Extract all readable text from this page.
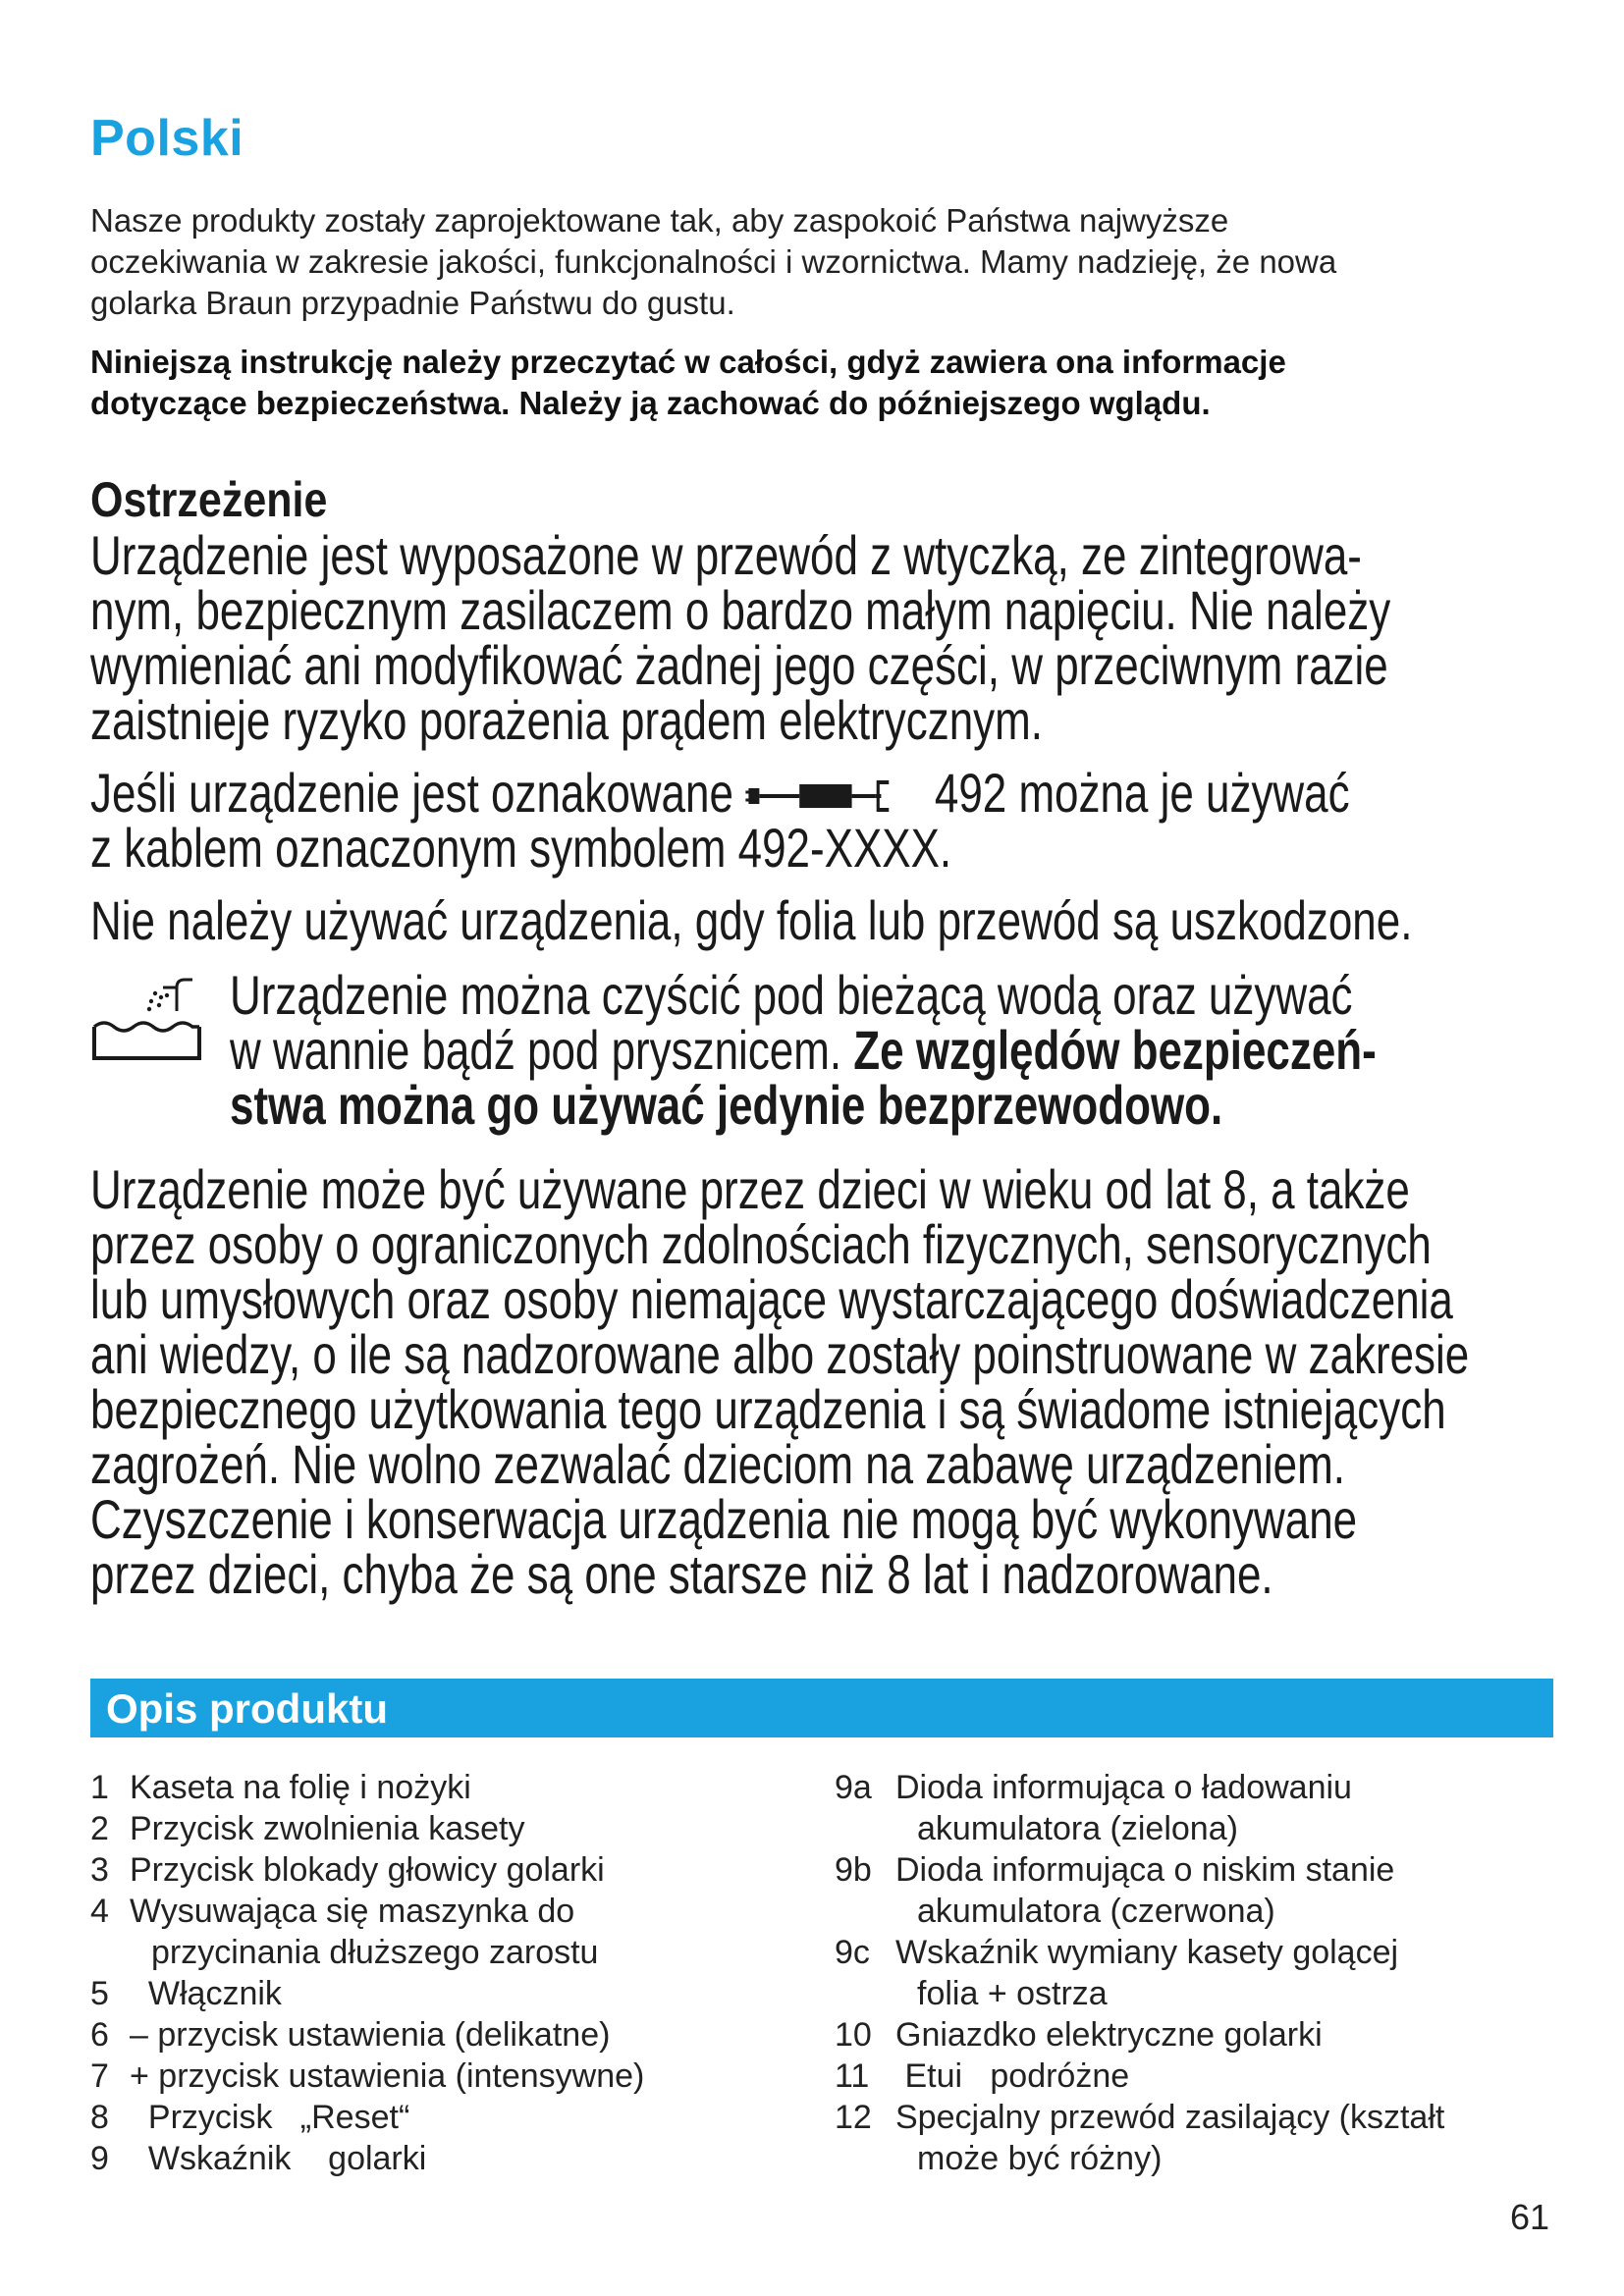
Polski
Nasze produkty zostały zaprojektowane tak, aby zaspokoić Państwa najwyższe
oczekiwania w zakresie jakości, funkcjonalności i wzornictwa. Mamy nadzieję, że nowa
golarka Braun przypadnie Państwu do gustu.
Niniejszą instrukcję należy przeczytać w całości, gdyż zawiera ona informacje
dotyczące bezpieczeństwa. Należy ją zachować do późniejszego wglądu.
Ostrzeżenie
Urządzenie jest wyposażone w przewód z wtyczką, ze zintegrowa-
nym, bezpiecznym zasilaczem o bardzo małym napięciu. Nie należy
wymieniać ani modyfikować żadnej jego części, w przeciwnym razie
zaistnieje ryzyko porażenia prądem elektrycznym.
Jeśli urządzenie jest oznakowane	492 można je używać
z kablem oznaczonym symbolem 492-XXXX.
Nie należy używać urządzenia, gdy folia lub przewód są uszkodzone.
Urządzenie można czyścić pod bieżącą wodą oraz używać
w wannie bądź pod prysznicem. Ze względów bezpieczeń-
stwa można go używać jedynie bezprzewodowo.
Urządzenie może być używane przez dzieci w wieku od lat 8, a także
przez osoby o ograniczonych zdolnościach fizycznych, sensorycznych
lub umysłowych oraz osoby niemające wystarczającego doświadczenia
ani wiedzy, o ile są nadzorowane albo zostały poinstruowane w zakresie
bezpiecznego użytkowania tego urządzenia i są świadome istniejących
zagrożeń. Nie wolno zezwalać dzieciom na zabawę urządzeniem.
Czyszczenie i konserwacja urządzenia nie mogą być wykonywane
przez dzieci, chyba że są one starsze niż 8 lat i nadzorowane.
Opis produktu
1 Kaseta na folię i nożyki
2 Przycisk zwolnienia kasety
3 Przycisk blokady głowicy golarki
4 Wysuwająca się maszynka do
przycinania dłuższego zarostu
5 Włącznik
6 – przycisk ustawienia (delikatne)
7 + przycisk ustawienia (intensywne)
8 Przycisk   „Reset“
9 Wskaźnik    golarki
9a Dioda informująca o ładowaniu
akumulatora (zielona)
9b Dioda informująca o niskim stanie
akumulatora (czerwona)
9c Wskaźnik wymiany kasety golącej
folia + ostrza
10 Gniazdko elektryczne golarki
11 Etui   podróżne
12 Specjalny przewód zasilający (kształt
może być różny)
61
